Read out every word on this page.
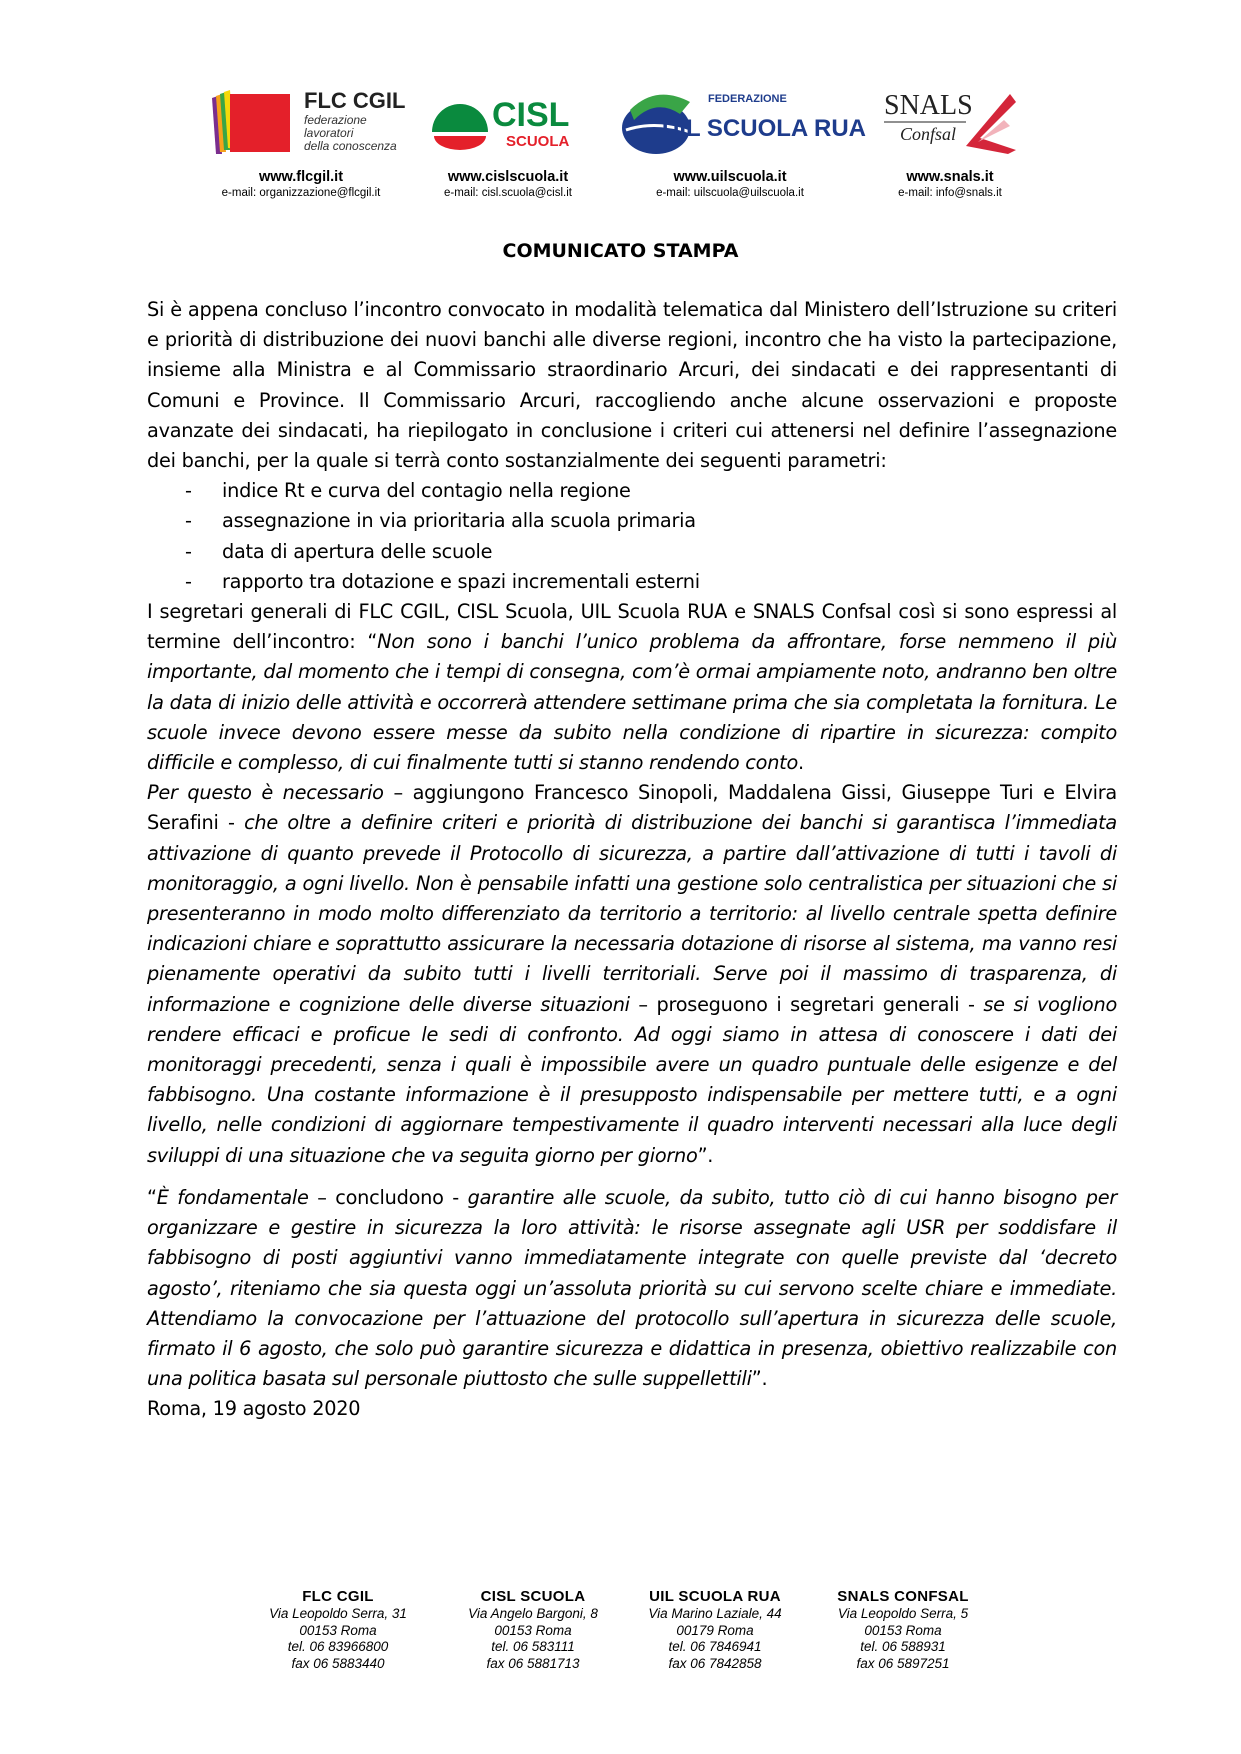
FLC CGIL
federazione
lavoratori
della conoscenza
CISL
SCUOLA
FEDERAZIONE
UIL SCUOLA RUA
SNALS
Confsal
www.flcgil.it
e-mail: organizzazione@flcgil.it
www.cislscuola.it
e-mail: cisl.scuola@cisl.it
www.uilscuola.it
e-mail: uilscuola@uilscuola.it
www.snals.it
e-mail: info@snals.it
COMUNICATO STAMPA

Si è appena concluso l’incontro convocato in modalità telematica dal Ministero dell’Istruzione su criteri e priorità di distribuzione dei nuovi banchi alle diverse regioni, incontro che ha visto la partecipazione, insieme alla Ministra e al Commissario straordinario Arcuri, dei sindacati e dei rappresentanti di Comuni e Province. Il Commissario Arcuri, raccogliendo anche alcune osservazioni e proposte avanzate dei sindacati, ha riepilogato in conclusione i criteri cui attenersi nel definire l’assegnazione dei banchi, per la quale si terrà conto sostanzialmente dei seguenti parametri:

- indice Rt e curva del contagio nella regione
- assegnazione in via prioritaria alla scuola primaria
- data di apertura delle scuole
- rapporto tra dotazione e spazi incrementali esterni

I segretari generali di FLC CGIL, CISL Scuola, UIL Scuola RUA e SNALS Confsal così si sono espressi al termine dell’incontro: “Non sono i banchi l’unico problema da affrontare, forse nemmeno il più importante, dal momento che i tempi di consegna, com’è ormai ampiamente noto, andranno ben oltre la data di inizio delle attività e occorrerà attendere settimane prima che sia completata la fornitura. Le scuole invece devono essere messe da subito nella condizione di ripartire in sicurezza: compito difficile e complesso, di cui finalmente tutti si stanno rendendo conto.

Per questo è necessario – aggiungono Francesco Sinopoli, Maddalena Gissi, Giuseppe Turi e Elvira Serafini - che oltre a definire criteri e priorità di distribuzione dei banchi si garantisca l’immediata attivazione di quanto prevede il Protocollo di sicurezza, a partire dall’attivazione di tutti i tavoli di monitoraggio, a ogni livello. Non è pensabile infatti una gestione solo centralistica per situazioni che si presenteranno in modo molto differenziato da territorio a territorio: al livello centrale spetta definire indicazioni chiare e soprattutto assicurare la necessaria dotazione di risorse al sistema, ma vanno resi pienamente operativi da subito tutti i livelli territoriali. Serve poi il massimo di trasparenza, di informazione e cognizione delle diverse situazioni – proseguono i segretari generali - se si vogliono rendere efficaci e proficue le sedi di confronto. Ad oggi siamo in attesa di conoscere i dati dei monitoraggi precedenti, senza i quali è impossibile avere un quadro puntuale delle esigenze e del fabbisogno. Una costante informazione è il presupposto indispensabile per mettere tutti, e a ogni livello, nelle condizioni di aggiornare tempestivamente il quadro interventi necessari alla luce degli sviluppi di una situazione che va seguita giorno per giorno”.

“È fondamentale – concludono - garantire alle scuole, da subito, tutto ciò di cui hanno bisogno per organizzare e gestire in sicurezza la loro attività: le risorse assegnate agli USR per soddisfare il fabbisogno di posti aggiuntivi vanno immediatamente integrate con quelle previste dal ‘decreto agosto’, riteniamo che sia questa oggi un’assoluta priorità su cui servono scelte chiare e immediate. Attendiamo la convocazione per l’attuazione del protocollo sull’apertura in sicurezza delle scuole, firmato il 6 agosto, che solo può garantire sicurezza e didattica in presenza, obiettivo realizzabile con una politica basata sul personale piuttosto che sulle suppellettili”.

Roma, 19 agosto 2020

FLC CGIL
Via Leopoldo Serra, 31
00153 Roma
tel. 06 83966800
fax 06 5883440
CISL SCUOLA
Via Angelo Bargoni, 8
00153 Roma
tel. 06 583111
fax 06 5881713
UIL SCUOLA RUA
Via Marino Laziale, 44
00179 Roma
tel. 06 7846941
fax 06 7842858
SNALS CONFSAL
Via Leopoldo Serra, 5
00153 Roma
tel. 06 588931
fax 06 5897251
